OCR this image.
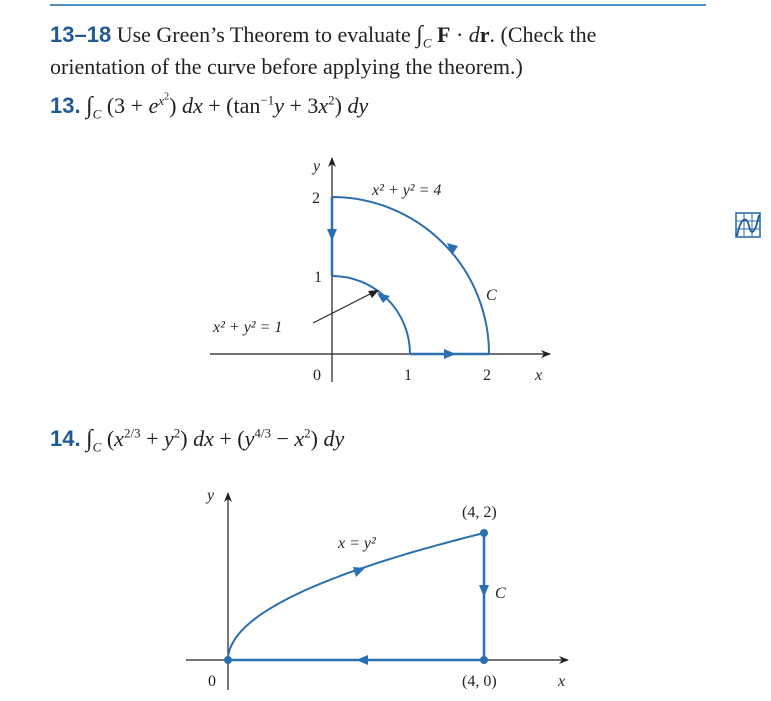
13–18 Use Green’s Theorem to evaluate $\int_C$ F · dr. (Check the
orientation of the curve before applying the theorem.)
13. $\int_C$ $(3 + e^{x^2})$ dx + $(\tan^{-1}y + 3x^2)$ dy
y
x
0
2
1
1	2
x² + y² = 4
x² + y² = 1
C
y
x
0
(4, 2)
(4, 0)
x = y²
C
14. $\int_C$ $(x^{2/3} + y^2)$ dx + $(y^{4/3} - x^2)$ dy
